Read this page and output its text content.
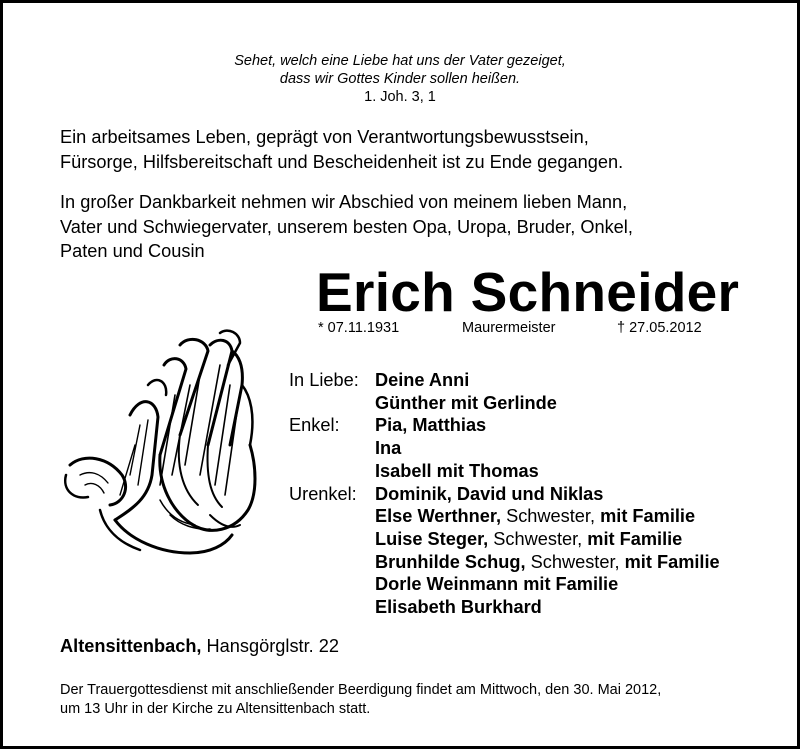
Sehet, welch eine Liebe hat uns der Vater gezeiget,
dass wir Gottes Kinder sollen heißen.
1. Joh. 3, 1

Ein arbeitsames Leben, geprägt von Verantwortungsbewusstsein,
Fürsorge, Hilfsbereitschaft und Bescheidenheit ist zu Ende gegangen.

In großer Dankbarkeit nehmen wir Abschied von meinem lieben Mann,
Vater und Schwiegervater, unserem besten Opa, Uropa, Bruder, Onkel,
Paten und Cousin

Erich Schneider
* 07.11.1931	Maurermeister	† 27.05.2012
In Liebe: Deine Anni
Günther mit Gerlinde
Enkel:	Pia, Matthias
Ina
Isabell mit Thomas
Urenkel:	Dominik, David und Niklas
Else Werthner, Schwester, mit Familie
Luise Steger, Schwester, mit Familie
Brunhilde Schug, Schwester, mit Familie
Dorle Weinmann mit Familie
Elisabeth Burkhard
Altensittenbach, Hansgörglstr. 22
Der Trauergottesdienst mit anschließender Beerdigung findet am Mittwoch, den 30. Mai 2012,
um 13 Uhr in der Kirche zu Altensittenbach statt.
